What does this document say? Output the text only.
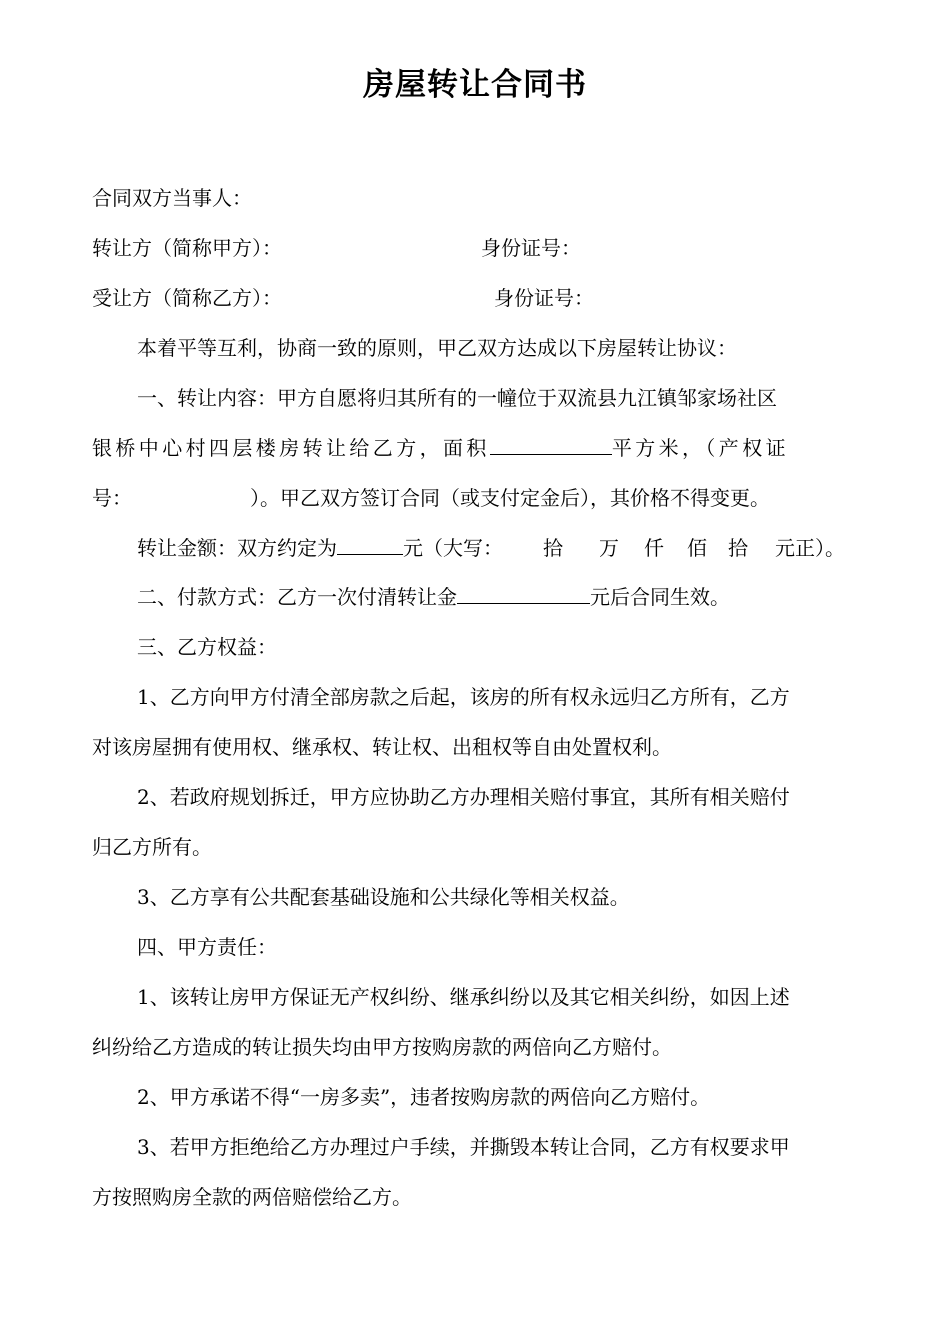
房屋转让合同书
合同双方当事人：
转让方（简称甲方）：	身份证号：
受让方（简称乙方）：	身份证号：
本着平等互利，协商一致的原则，甲乙双方达成以下房屋转让协议：
一、转让内容：甲方自愿将归其所有的一幢位于双流县九江镇邹家场社区
银桥中心村四层楼房转让给乙方，面积	平方米，（产权证
号：	）。甲乙双方签订合同（或支付定金后），其价格不得变更。
转让金额：双方约定为	元（大写： 拾 万 仟 佰 拾 元正）。
二、付款方式：乙方一次付清转让金	元后合同生效。
三、乙方权益：
1、乙方向甲方付清全部房款之后起，该房的所有权永远归乙方所有，乙方
对该房屋拥有使用权、继承权、转让权、出租权等自由处置权利。
2、若政府规划拆迁，甲方应协助乙方办理相关赔付事宜，其所有相关赔付
归乙方所有。
3、乙方享有公共配套基础设施和公共绿化等相关权益。
四、甲方责任：
1、该转让房甲方保证无产权纠纷、继承纠纷以及其它相关纠纷，如因上述
纠纷给乙方造成的转让损失均由甲方按购房款的两倍向乙方赔付。
2、甲方承诺不得“一房多卖”，违者按购房款的两倍向乙方赔付。
3、若甲方拒绝给乙方办理过户手续，并撕毁本转让合同，乙方有权要求甲
方按照购房全款的两倍赔偿给乙方。
